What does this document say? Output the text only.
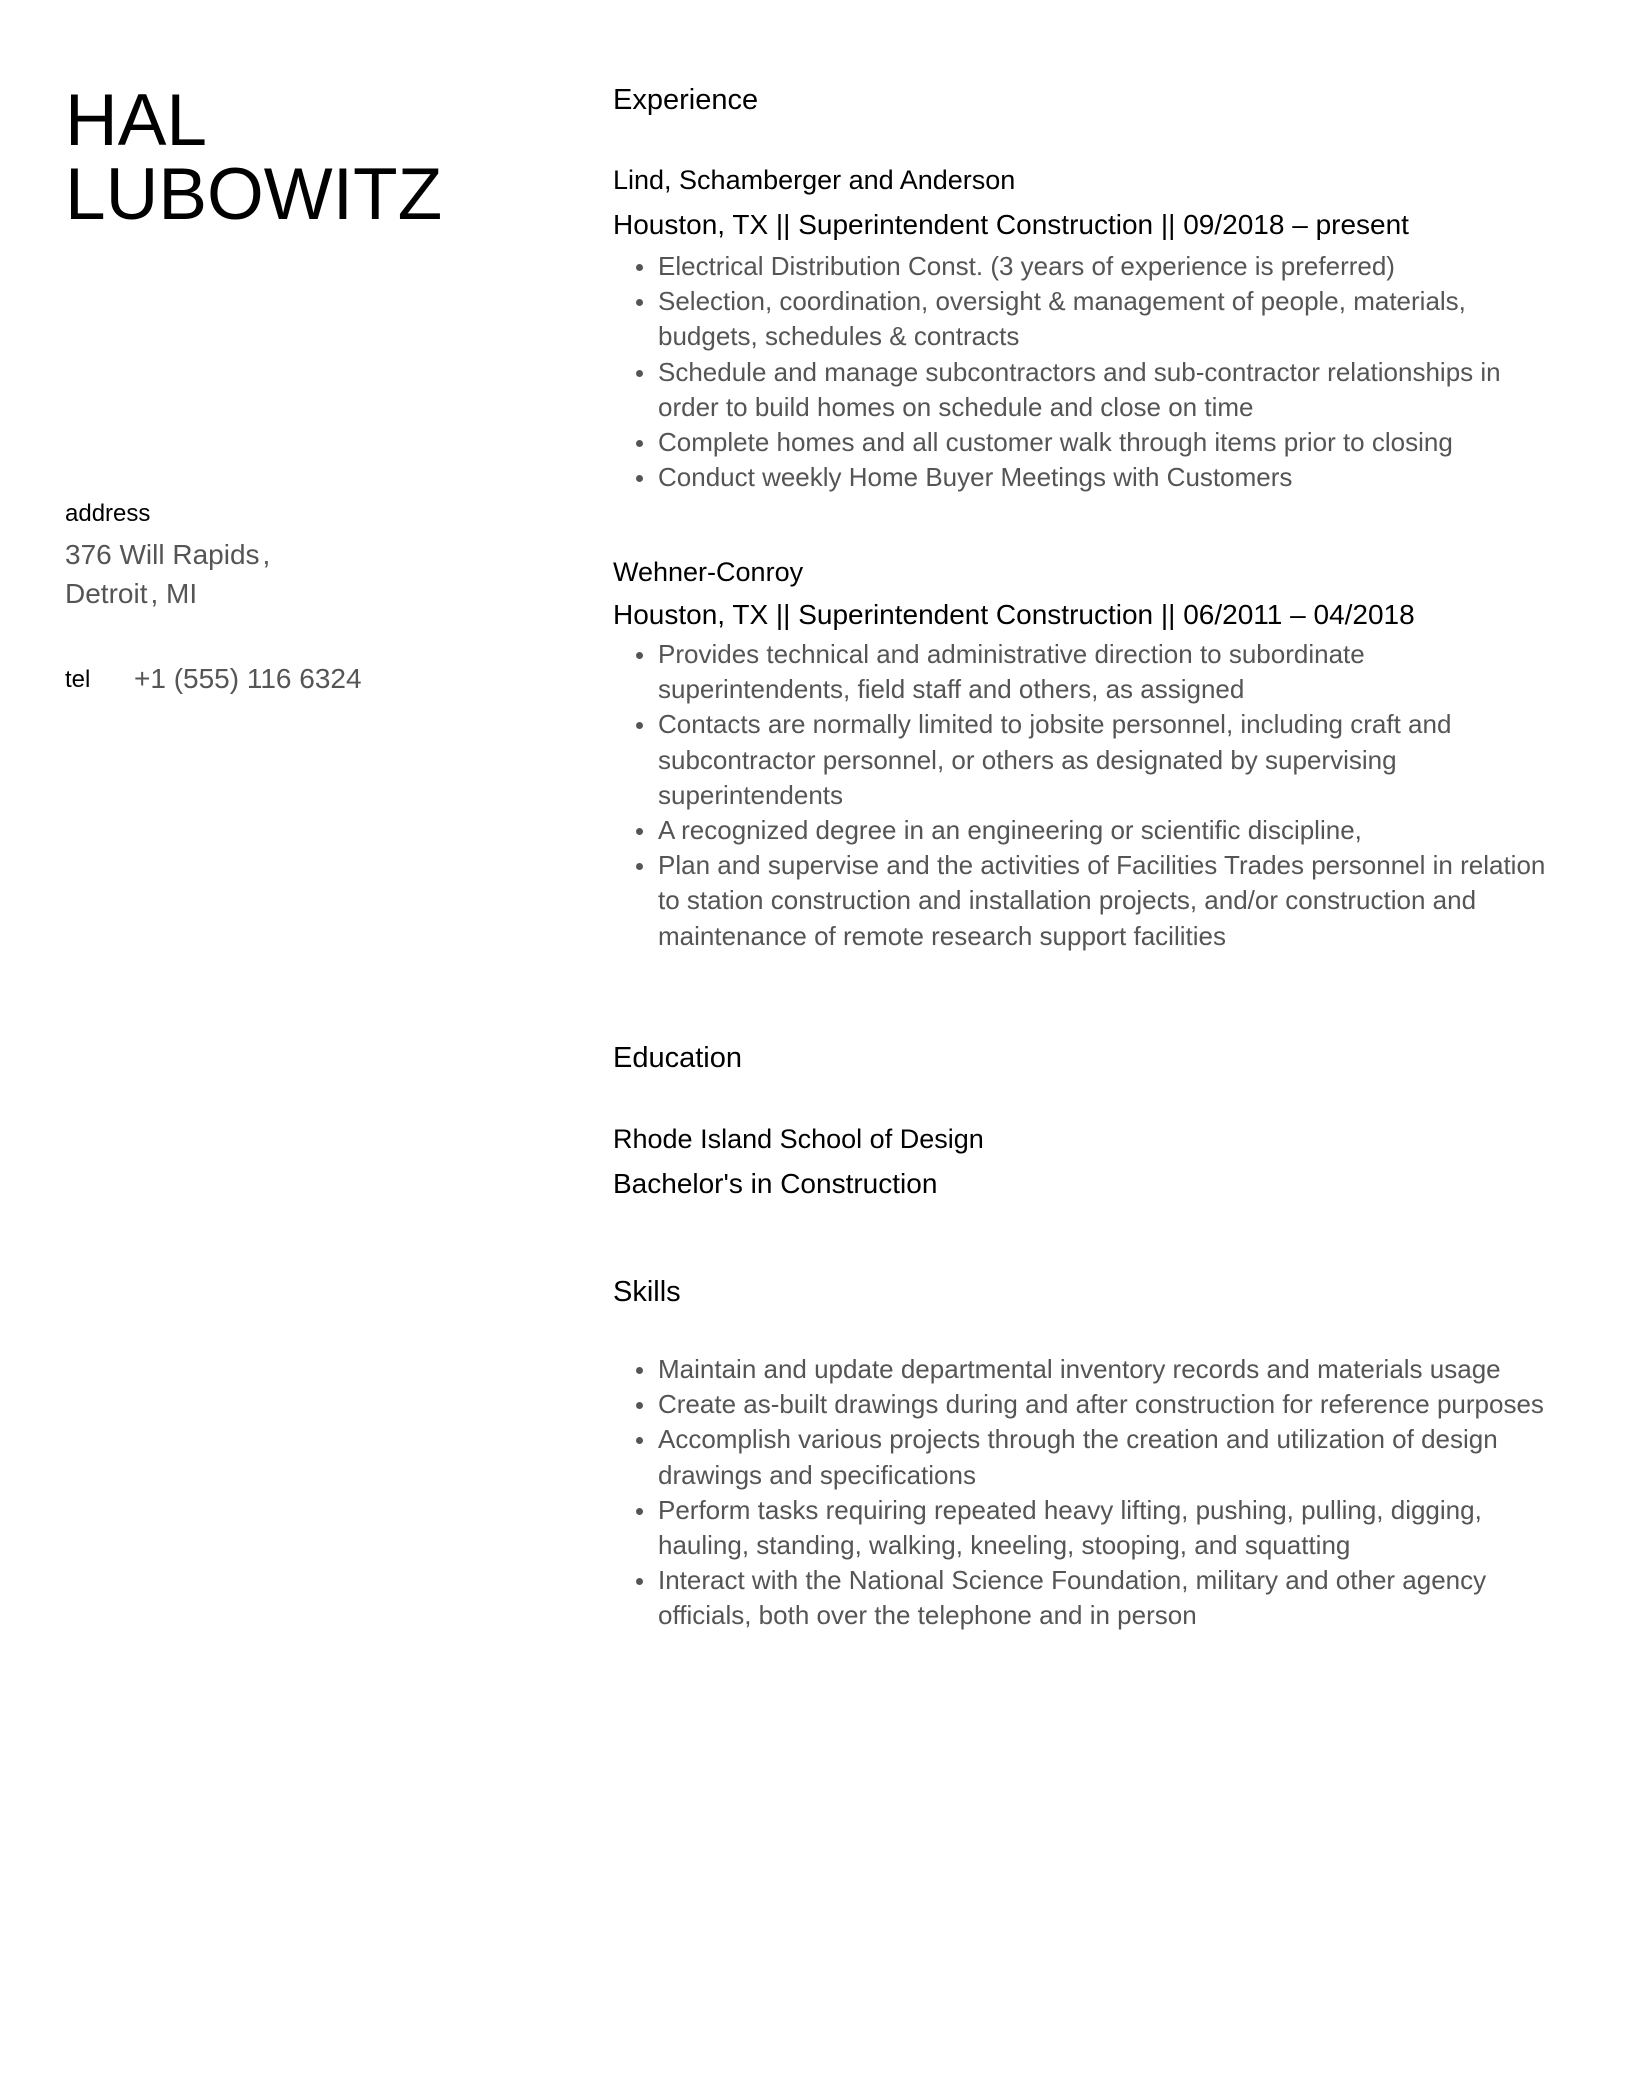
HAL
LUBOWITZ
address
376 Will Rapids ,
Detroit , MI
tel +1 (555) 116 6324
Experience
Lind, Schamberger and Anderson
Houston, TX || Superintendent Construction || 09/2018 – present
Electrical Distribution Const. (3 years of experience is preferred)
Selection, coordination, oversight & management of people, materials, budgets, schedules & contracts
Schedule and manage subcontractors and sub-contractor relationships in order to build homes on schedule and close on time
Complete homes and all customer walk through items prior to closing
Conduct weekly Home Buyer Meetings with Customers
Wehner-Conroy
Houston, TX || Superintendent Construction || 06/2011 – 04/2018
Provides technical and administrative direction to subordinate superintendents, field staff and others, as assigned
Contacts are normally limited to jobsite personnel, including craft and subcontractor personnel, or others as designated by supervising superintendents
A recognized degree in an engineering or scientific discipline,
Plan and supervise and the activities of Facilities Trades personnel in relation to station construction and installation projects, and/or construction and maintenance of remote research support facilities
Education
Rhode Island School of Design
Bachelor's in Construction
Skills
Maintain and update departmental inventory records and materials usage
Create as-built drawings during and after construction for reference purposes
Accomplish various projects through the creation and utilization of design drawings and specifications
Perform tasks requiring repeated heavy lifting, pushing, pulling, digging, hauling, standing, walking, kneeling, stooping, and squatting
Interact with the National Science Foundation, military and other agency officials, both over the telephone and in person
